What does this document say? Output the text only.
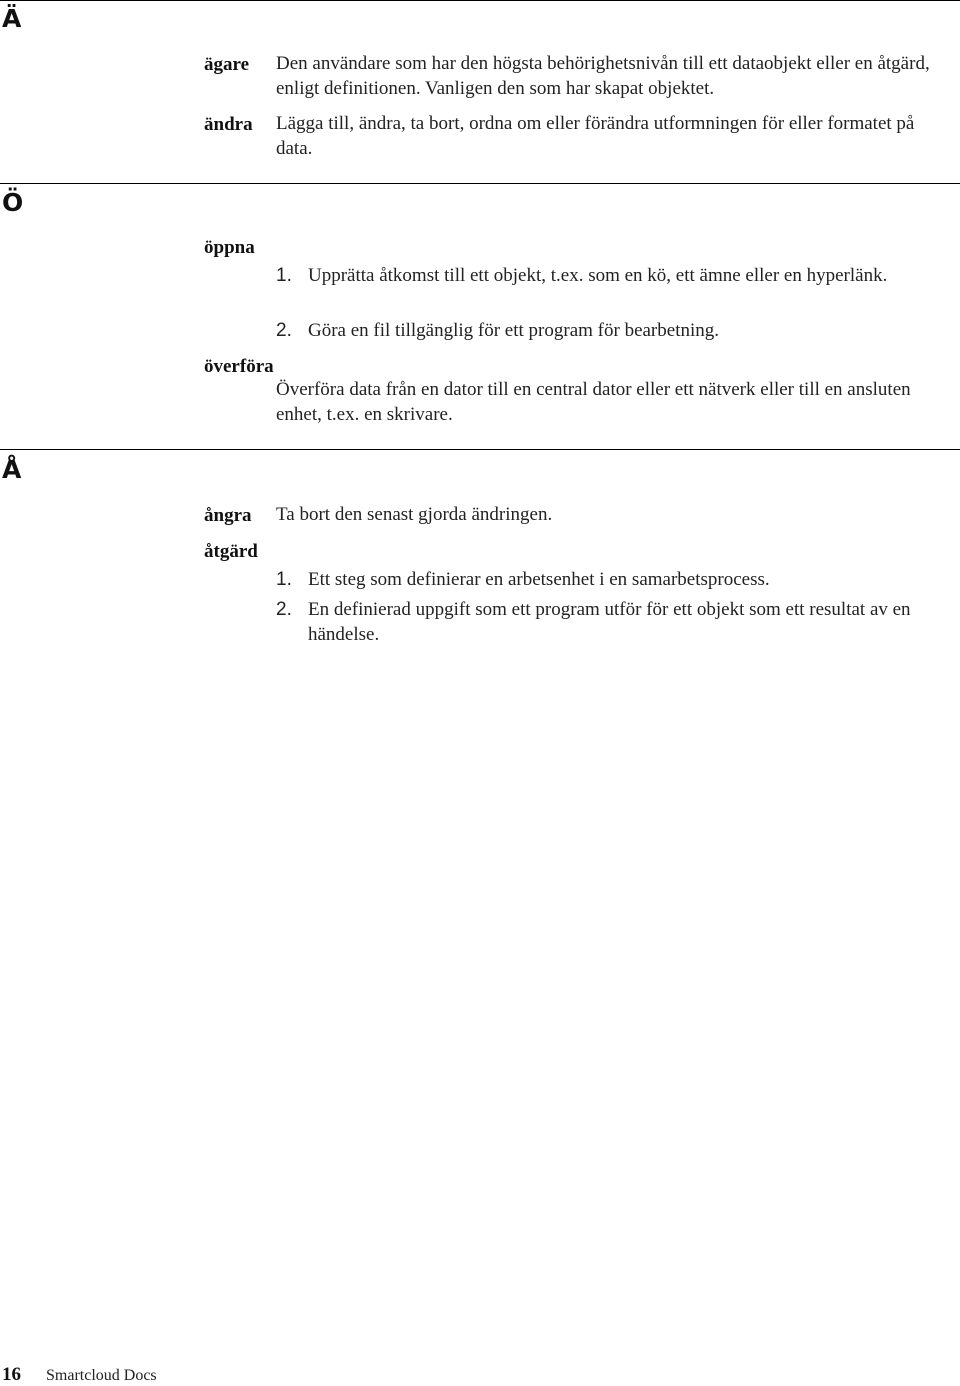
Ä
ägare Den användare som har den högsta behörighetsnivån till ett dataobjekt eller en åtgärd, enligt definitionen. Vanligen den som har skapat objektet.

ändra Lägga till, ändra, ta bort, ordna om eller förändra utformningen för eller formatet på data.

Ö
öppna
1. Upprätta åtkomst till ett objekt, t.ex. som en kö, ett ämne eller en hyperlänk.
2. Göra en fil tillgänglig för ett program för bearbetning.
överföra

Överföra data från en dator till en central dator eller ett nätverk eller till en ansluten enhet, t.ex. en skrivare.

Å
ångra Ta bort den senast gjorda ändringen.

åtgärd
1. Ett steg som definierar en arbetsenhet i en samarbetsprocess.
2. En definierad uppgift som ett program utför för ett objekt som ett resultat av en händelse.
16 Smartcloud Docs
